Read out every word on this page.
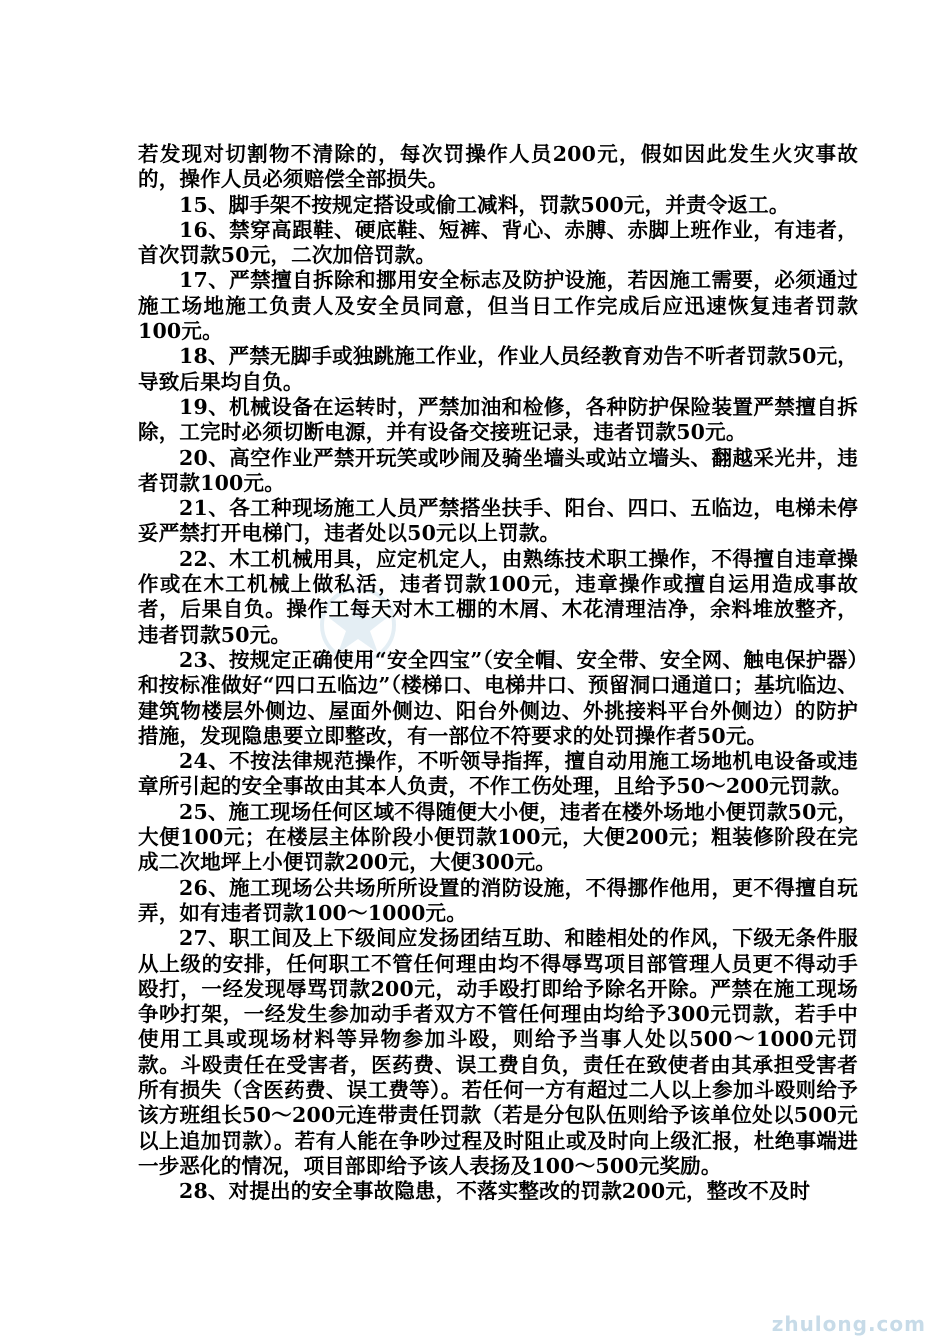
若发现对切割物不清除的，每次罚操作人员200元，假如因此发生火灾事故的，操作人员必须赔偿全部损失。

15、脚手架不按规定搭设或偷工减料，罚款500元，并责令返工。

16、禁穿高跟鞋、硬底鞋、短裤、背心、赤膊、赤脚上班作业，有违者，首次罚款50元，二次加倍罚款。

17、严禁擅自拆除和挪用安全标志及防护设施，若因施工需要，必须通过施工场地施工负责人及安全员同意，但当日工作完成后应迅速恢复违者罚款100元。

18、严禁无脚手或独跳施工作业，作业人员经教育劝告不听者罚款50元，导致后果均自负。

19、机械设备在运转时，严禁加油和检修，各种防护保险装置严禁擅自拆除，工完时必须切断电源，并有设备交接班记录，违者罚款50元。

20、高空作业严禁开玩笑或吵闹及骑坐墙头或站立墙头、翻越采光井，违者罚款100元。

21、各工种现场施工人员严禁搭坐扶手、阳台、四口、五临边，电梯未停妥严禁打开电梯门，违者处以50元以上罚款。

22、木工机械用具，应定机定人，由熟练技术职工操作，不得擅自违章操作或在木工机械上做私活，违者罚款100元，违章操作或擅自运用造成事故者，后果自负。操作工每天对木工棚的木屑、木花清理洁净，余料堆放整齐，违者罚款50元。

23、按规定正确使用“安全四宝”（安全帽、安全带、安全网、触电保护器）和按标准做好“四口五临边”（楼梯口、电梯井口、预留洞口通道口；基坑临边、建筑物楼层外侧边、屋面外侧边、阳台外侧边、外挑接料平台外侧边）的防护措施，发现隐患要立即整改，有一部位不符要求的处罚操作者50元。

24、不按法律规范操作，不听领导指挥，擅自动用施工场地机电设备或违章所引起的安全事故由其本人负责，不作工伤处理，且给予50～200元罚款。

25、施工现场任何区域不得随便大小便，违者在楼外场地小便罚款50元，大便100元；在楼层主体阶段小便罚款100元，大便200元；粗装修阶段在完成二次地坪上小便罚款200元，大便300元。

26、施工现场公共场所所设置的消防设施，不得挪作他用，更不得擅自玩弄，如有违者罚款100～1000元。

27、职工间及上下级间应发扬团结互助、和睦相处的作风，下级无条件服从上级的安排，任何职工不管任何理由均不得辱骂项目部管理人员更不得动手殴打，一经发现辱骂罚款200元，动手殴打即给予除名开除。严禁在施工现场争吵打架，一经发生参加动手者双方不管任何理由均给予300元罚款，若手中使用工具或现场材料等异物参加斗殴，则给予当事人处以500～1000元罚款。斗殴责任在受害者，医药费、误工费自负，责任在致使者由其承担受害者所有损失（含医药费、误工费等）。若任何一方有超过二人以上参加斗殴则给予该方班组长50～200元连带责任罚款（若是分包队伍则给予该单位处以500元以上追加罚款）。若有人能在争吵过程及时阻止或及时向上级汇报，杜绝事端进一步恶化的情况，项目部即给予该人表扬及100～500元奖励。

28、对提出的安全事故隐患，不落实整改的罚款200元，整改不及时

zhulong.com
